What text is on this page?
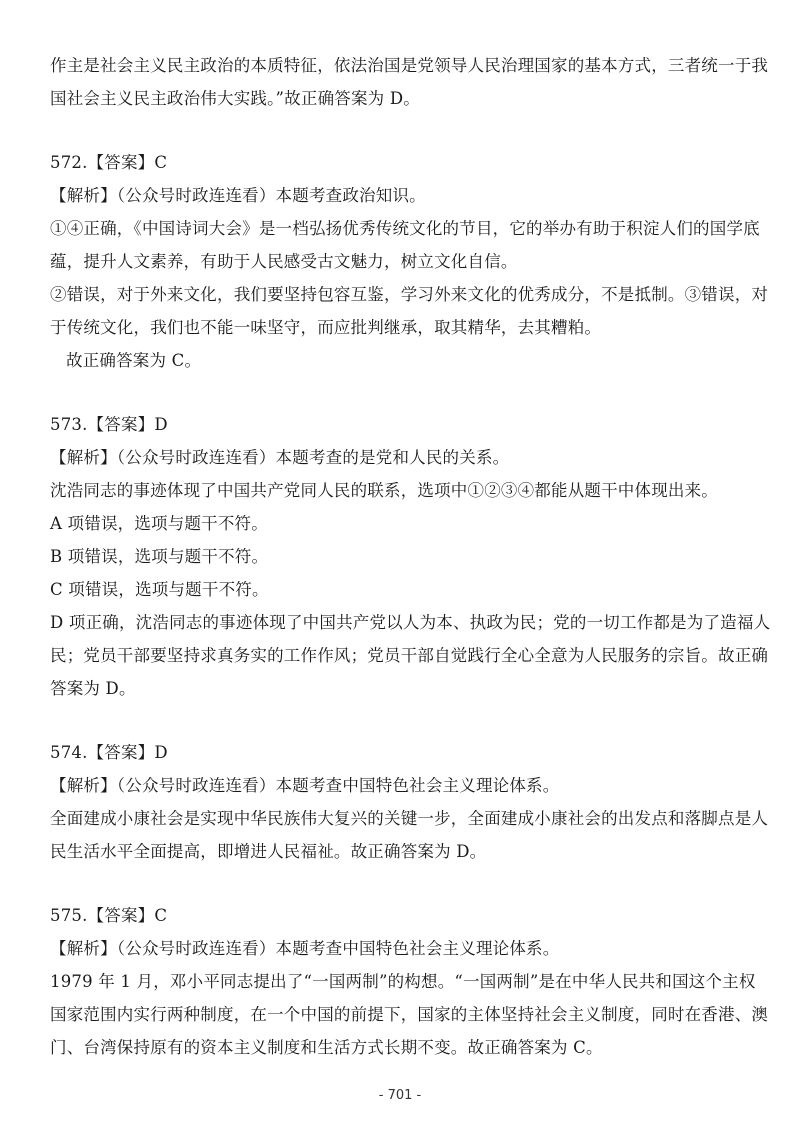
作主是社会主义民主政治的本质特征，依法治国是党领导人民治理国家的基本方式，三者统一于我
国社会主义民主政治伟大实践。”故正确答案为 D。
572.【答案】C
【解析】（公众号时政连连看）本题考查政治知识。
①④正确，《中国诗词大会》是一档弘扬优秀传统文化的节目，它的举办有助于积淀人们的国学底
蕴，提升人文素养，有助于人民感受古文魅力，树立文化自信。
②错误，对于外来文化，我们要坚持包容互鉴，学习外来文化的优秀成分，不是抵制。③错误，对
于传统文化，我们也不能一味坚守，而应批判继承，取其精华，去其糟粕。
故正确答案为 C。
573.【答案】D
【解析】（公众号时政连连看）本题考查的是党和人民的关系。
沈浩同志的事迹体现了中国共产党同人民的联系，选项中①②③④都能从题干中体现出来。
A 项错误，选项与题干不符。
B 项错误，选项与题干不符。
C 项错误，选项与题干不符。
D 项正确，沈浩同志的事迹体现了中国共产党以人为本、执政为民；党的一切工作都是为了造福人
民；党员干部要坚持求真务实的工作作风；党员干部自觉践行全心全意为人民服务的宗旨。故正确
答案为 D。
574.【答案】D
【解析】（公众号时政连连看）本题考查中国特色社会主义理论体系。
全面建成小康社会是实现中华民族伟大复兴的关键一步，全面建成小康社会的出发点和落脚点是人
民生活水平全面提高，即增进人民福祉。故正确答案为 D。
575.【答案】C
【解析】（公众号时政连连看）本题考查中国特色社会主义理论体系。
1979 年 1 月，邓小平同志提出了“一国两制”的构想。“一国两制”是在中华人民共和国这个主权
国家范围内实行两种制度，在一个中国的前提下，国家的主体坚持社会主义制度，同时在香港、澳
门、台湾保持原有的资本主义制度和生活方式长期不变。故正确答案为 C。
- 701 -
